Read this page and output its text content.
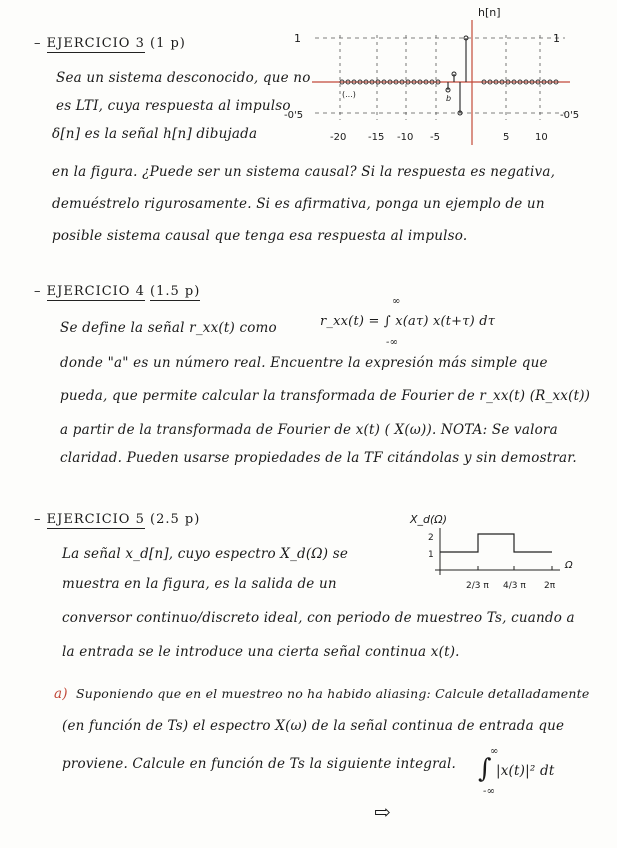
– EJERCICIO 3 (1 p)
Sea un sistema desconocido, que no
es LTI, cuya respuesta al impulso
δ[n] es la señal h[n] dibujada
en la figura. ¿Puede ser un sistema causal? Si la respuesta es negativa,
demuéstrelo rigurosamente. Si es afirmativa, ponga un ejemplo de un
posible sistema causal que tenga esa respuesta al impulso.
b
h[n]
1	1
-0'5	-0'5
(...)
-20 -15 -10 -5	5	10
– EJERCICIO 4 (1.5 p)
Se define la señal r_xx(t) como	r_xx(t) = ∫ x(aτ) x(t+τ) dτ
∞
-∞
donde "a" es un número real. Encuentre la expresión más simple que
pueda, que permite calcular la transformada de Fourier de r_xx(t) (R_xx(t))
a partir de la transformada de Fourier de x(t) ( X(ω)). NOTA: Se valora
claridad. Pueden usarse propiedades de la TF citándolas y sin demostrar.
– EJERCICIO 5 (2.5 p)
La señal x_d[n], cuyo espectro X_d(Ω) se
muestra en la figura, es la salida de un
conversor continuo/discreto ideal, con periodo de muestreo Ts, cuando a
la entrada se le introduce una cierta señal continua x(t).
X_d(Ω)
2
1
Ω
2/3 π 4/3 π 2π
a) Suponiendo que en el muestreo no ha habido aliasing: Calcule detalladamente
(en función de Ts) el espectro X(ω) de la señal continua de entrada que
proviene. Calcule en función de Ts la siguiente integral. ∫
∞
-∞
|x(t)|² dt
⇨
